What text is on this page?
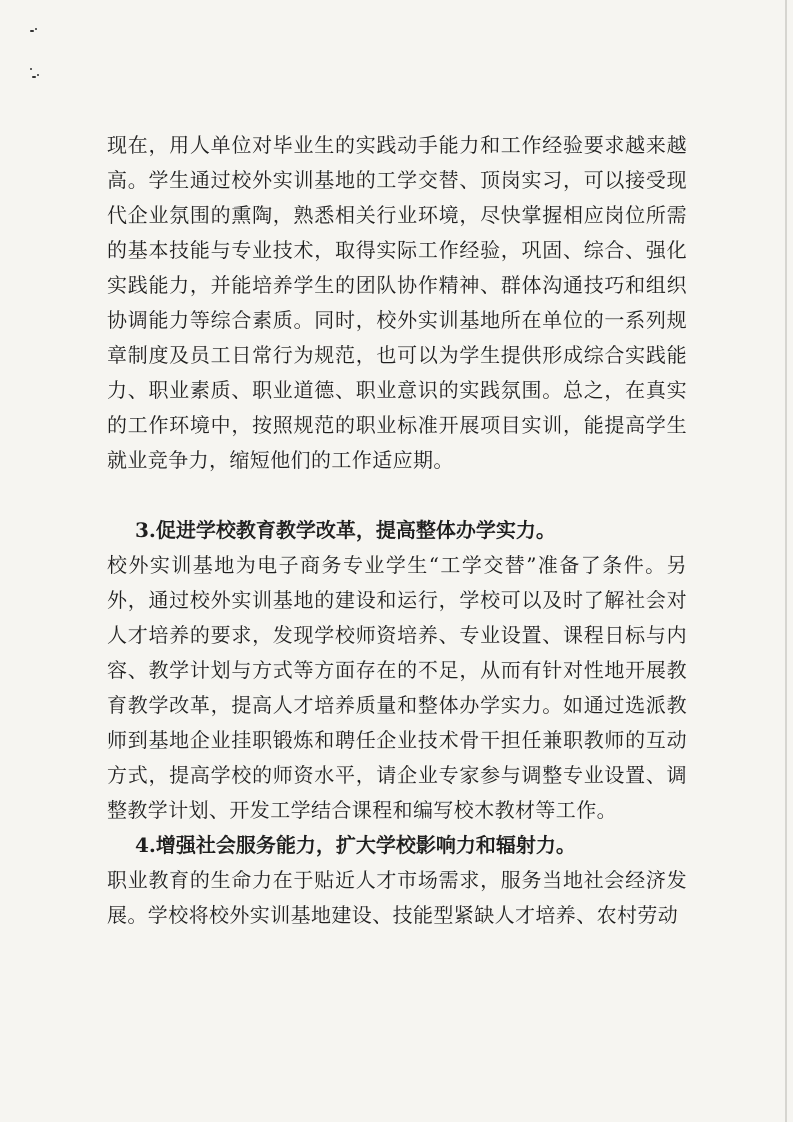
现在，用人单位对毕业生的实践动手能力和工作经验要求越来越高。学生通过校外实训基地的工学交替、顶岗实习，可以接受现代企业氛围的熏陶，熟悉相关行业环境，尽快掌握相应岗位所需的基本技能与专业技术，取得实际工作经验，巩固、综合、强化实践能力，并能培养学生的团队协作精神、群体沟通技巧和组织协调能力等综合素质。同时，校外实训基地所在单位的一系列规章制度及员工日常行为规范，也可以为学生提供形成综合实践能力、职业素质、职业道德、职业意识的实践氛围。总之，在真实的工作环境中，按照规范的职业标准开展项目实训，能提高学生就业竞争力，缩短他们的工作适应期。

3.促进学校教育教学改革，提高整体办学实力。

校外实训基地为电子商务专业学生“工学交替”准备了条件。另外，通过校外实训基地的建设和运行，学校可以及时了解社会对人才培养的要求，发现学校师资培养、专业设置、课程日标与内容、教学计划与方式等方面存在的不足，从而有针对性地开展教育教学改革，提高人才培养质量和整体办学实力。如通过选派教师到基地企业挂职锻炼和聘任企业技术骨干担任兼职教师的互动方式，提高学校的师资水平，请企业专家参与调整专业设置、调整教学计划、开发工学结合课程和编写校木教材等工作。

4.增强社会服务能力，扩大学校影响力和辐射力。

职业教育的生命力在于贴近人才市场需求，服务当地社会经济发展。学校将校外实训基地建设、技能型紧缺人才培养、农村劳动
